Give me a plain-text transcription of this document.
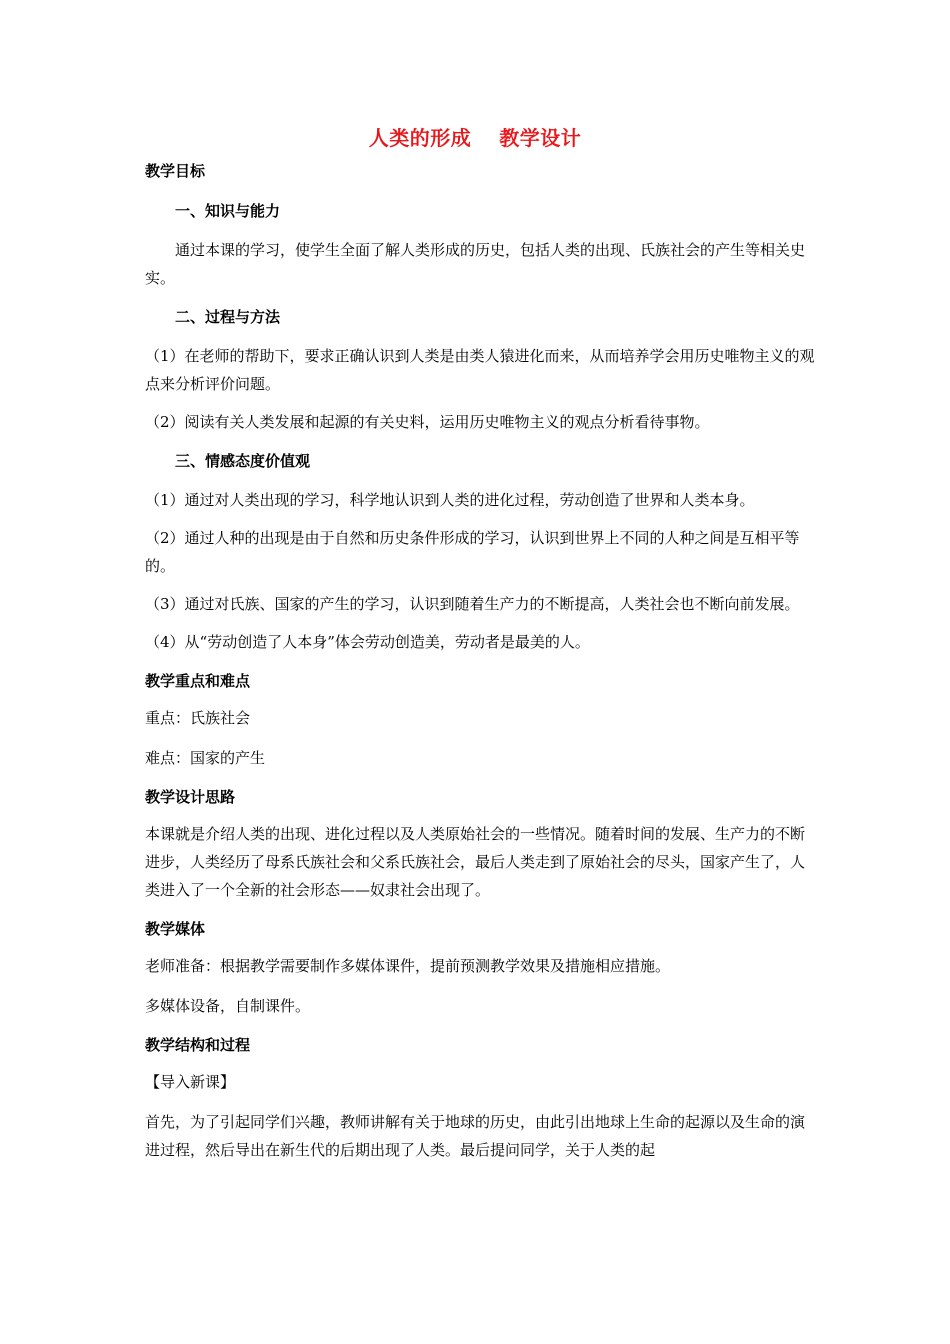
人类的形成 教学设计
教学目标
一、知识与能力

通过本课的学习，使学生全面了解人类形成的历史，包括人类的出现、氏族社会的产生等相关史实。

二、过程与方法

（1）在老师的帮助下，要求正确认识到人类是由类人猿进化而来，从而培养学会用历史唯物主义的观点来分析评价问题。

（2）阅读有关人类发展和起源的有关史料，运用历史唯物主义的观点分析看待事物。

三、情感态度价值观

（1）通过对人类出现的学习，科学地认识到人类的进化过程，劳动创造了世界和人类本身。

（2）通过人种的出现是由于自然和历史条件形成的学习，认识到世界上不同的人种之间是互相平等的。

（3）通过对氏族、国家的产生的学习，认识到随着生产力的不断提高，人类社会也不断向前发展。

（4）从“劳动创造了人本身”体会劳动创造美，劳动者是最美的人。

教学重点和难点

重点：氏族社会

难点：国家的产生

教学设计思路

本课就是介绍人类的出现、进化过程以及人类原始社会的一些情况。随着时间的发展、生产力的不断进步，人类经历了母系氏族社会和父系氏族社会，最后人类走到了原始社会的尽头，国家产生了，人类进入了一个全新的社会形态——奴隶社会出现了。

教学媒体

老师准备：根据教学需要制作多媒体课件，提前预测教学效果及措施相应措施。

多媒体设备，自制课件。

教学结构和过程

【导入新课】

首先，为了引起同学们兴趣，教师讲解有关于地球的历史，由此引出地球上生命的起源以及生命的演进过程，然后导出在新生代的后期出现了人类。最后提问同学，关于人类的起
